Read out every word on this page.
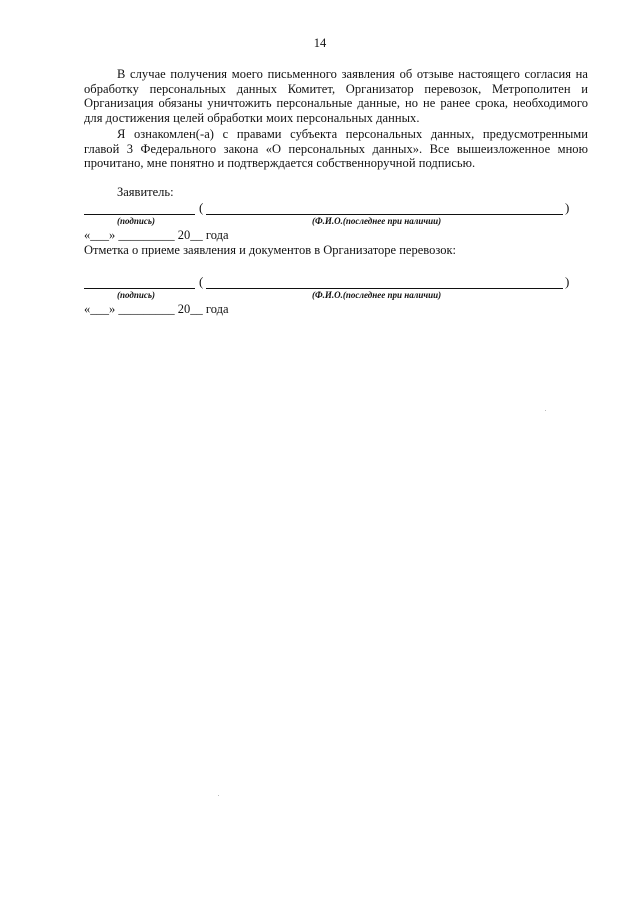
14
В случае получения моего письменного заявления об отзыве настоящего согласия на обработку персональных данных Комитет, Организатор перевозок, Метрополитен и Организация обязаны уничтожить персональные данные, но не ранее срока, необходимого для достижения целей обработки моих персональных данных.
Я ознакомлен(-а) с правами субъекта персональных данных, предусмотренными главой 3 Федерального закона «О персональных данных». Все вышеизложенное мною прочитано, мне понятно и подтверждается собственноручной подписью.
Заявитель:
(	)
(подпись)	(Ф.И.О.(последнее при наличии)
«___» _________ 20__ года
Отметка о приеме заявления и документов в Организаторе перевозок:
(	)
(подпись)	(Ф.И.О.(последнее при наличии)
«___» _________ 20__ года
